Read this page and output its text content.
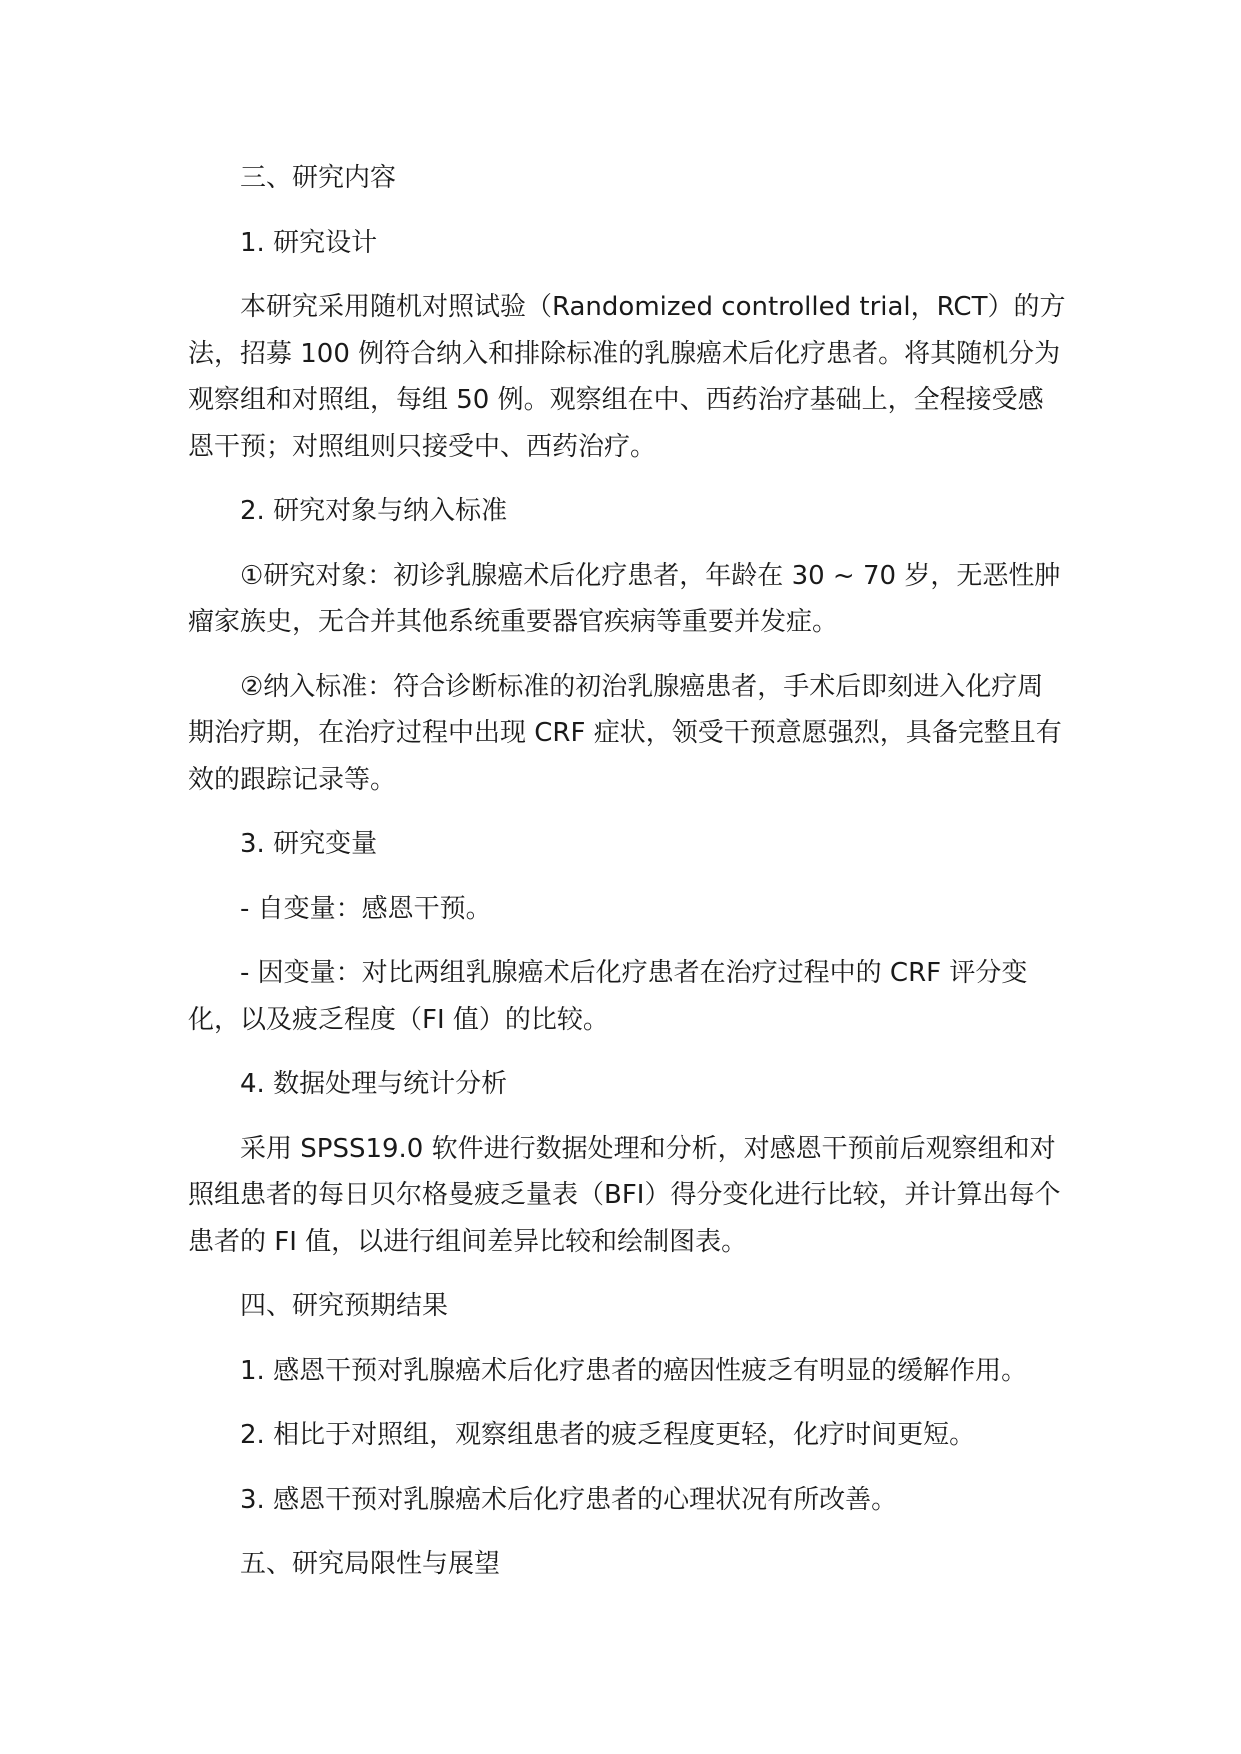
三、研究内容

1. 研究设计

本研究采用随机对照试验（Randomized controlled trial，RCT）的方法，招募 100 例符合纳入和排除标准的乳腺癌术后化疗患者。将其随机分为观察组和对照组，每组 50 例。观察组在中、西药治疗基础上，全程接受感恩干预；对照组则只接受中、西药治疗。

2. 研究对象与纳入标准

①研究对象：初诊乳腺癌术后化疗患者，年龄在 30 ~ 70 岁，无恶性肿瘤家族史，无合并其他系统重要器官疾病等重要并发症。

②纳入标准：符合诊断标准的初治乳腺癌患者，手术后即刻进入化疗周期治疗期，在治疗过程中出现 CRF 症状，领受干预意愿强烈，具备完整且有效的跟踪记录等。

3. 研究变量

- 自变量：感恩干预。

- 因变量：对比两组乳腺癌术后化疗患者在治疗过程中的 CRF 评分变化，以及疲乏程度（FI 值）的比较。

4. 数据处理与统计分析

采用 SPSS19.0 软件进行数据处理和分析，对感恩干预前后观察组和对照组患者的每日贝尔格曼疲乏量表（BFI）得分变化进行比较，并计算出每个患者的 FI 值，以进行组间差异比较和绘制图表。

四、研究预期结果

1. 感恩干预对乳腺癌术后化疗患者的癌因性疲乏有明显的缓解作用。

2. 相比于对照组，观察组患者的疲乏程度更轻，化疗时间更短。

3. 感恩干预对乳腺癌术后化疗患者的心理状况有所改善。

五、研究局限性与展望
